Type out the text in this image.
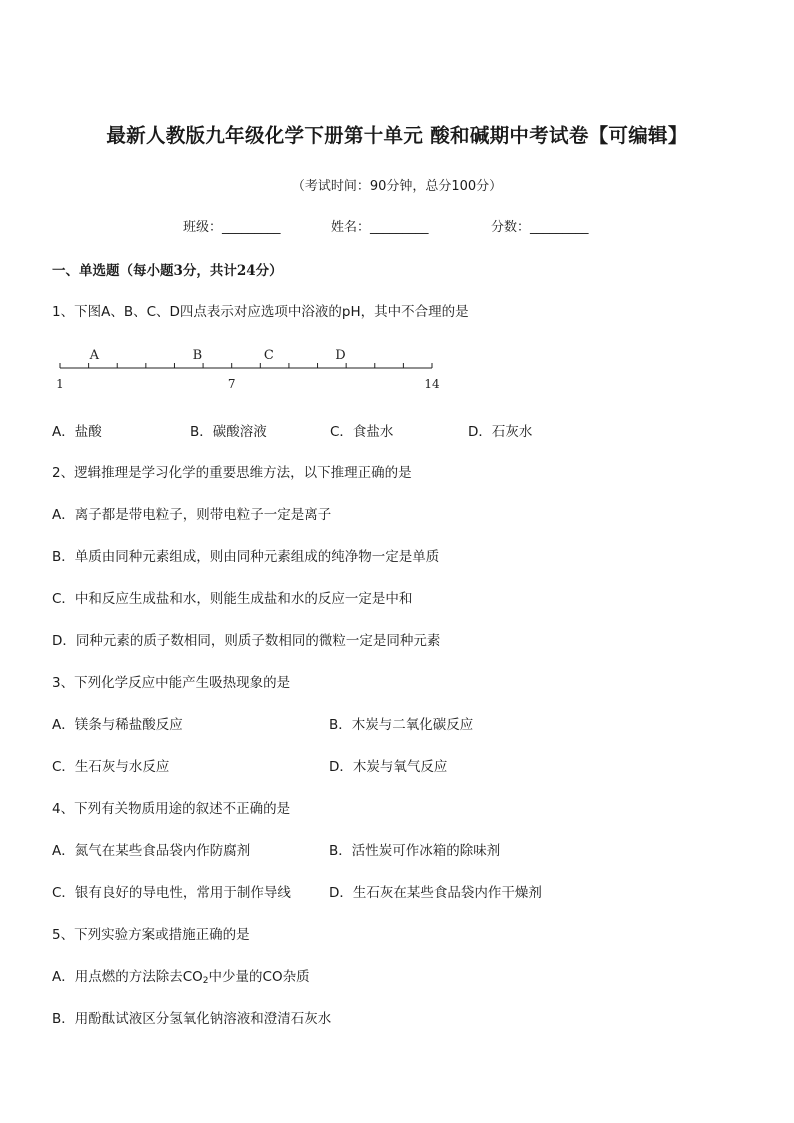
最新人教版九年级化学下册第十单元 酸和碱期中考试卷【可编辑】
（考试时间：90分钟，总分100分）
班级：_________	姓名：_________	分数：_________
一、单选题（每小题3分，共计24分）
1、下图A、B、C、D四点表示对应选项中浴液的pH，其中不合理的是
A	B	C	D
1	7	14
A．盐酸	B．碳酸溶液	C．食盐水	D．石灰水
2、逻辑推理是学习化学的重要思维方法，以下推理正确的是
A．离子都是带电粒子，则带电粒子一定是离子
B．单质由同种元素组成，则由同种元素组成的纯净物一定是单质
C．中和反应生成盐和水，则能生成盐和水的反应一定是中和
D．同种元素的质子数相同，则质子数相同的微粒一定是同种元素
3、下列化学反应中能产生吸热现象的是
A．镁条与稀盐酸反应	B．木炭与二氧化碳反应
C．生石灰与水反应	D．木炭与氧气反应
4、下列有关物质用途的叙述不正确的是
A．氮气在某些食品袋内作防腐剂	B．活性炭可作冰箱的除味剂
C．银有良好的导电性，常用于制作导线	D．生石灰在某些食品袋内作干燥剂
5、下列实验方案或措施正确的是
A．用点燃的方法除去$CO_2$中少量的CO杂质
B．用酚酞试液区分氢氧化钠溶液和澄清石灰水
